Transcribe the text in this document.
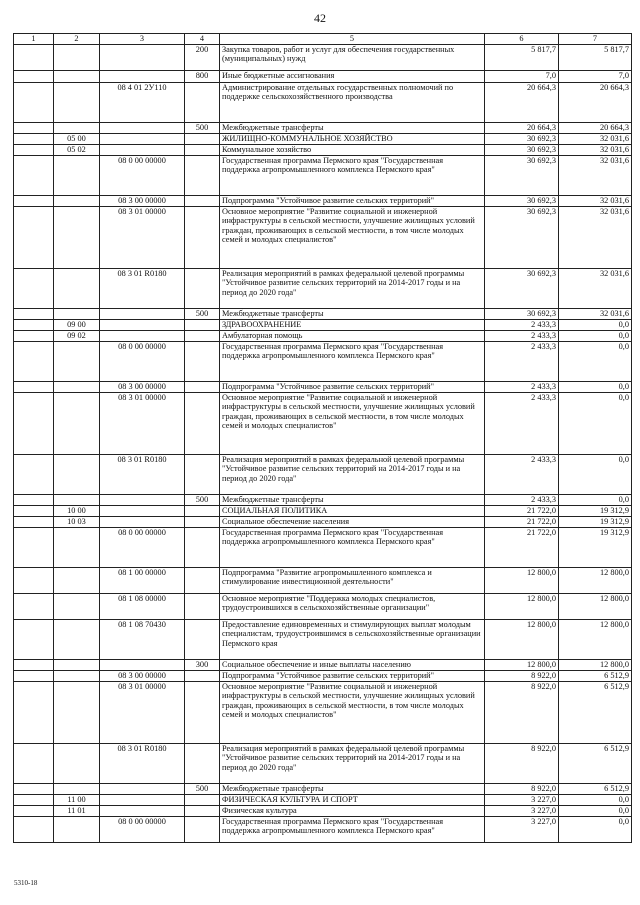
42
1	2	3	4	5	6	7
			200	Закупка товаров, работ и услуг для обеспечения государственных (муниципальных) нужд	5 817,7	5 817,7
			800	Иные бюджетные ассигнования	7,0	7,0
		08 4 01 2У110		Администрирование отдельных государственных полномочий по поддержке сельскохозяйственного производства	20 664,3	20 664,3
			500	Межбюджетные трансферты	20 664,3	20 664,3
	05 00			ЖИЛИЩНО-КОММУНАЛЬНОЕ ХОЗЯЙСТВО	30 692,3	32 031,6
	05 02			Коммунальное хозяйство	30 692,3	32 031,6
		08 0 00 00000		Государственная программа Пермского края "Государственная поддержка агропромышленного комплекса Пермского края"	30 692,3	32 031,6
		08 3 00 00000		Подпрограмма "Устойчивое развитие сельских территорий"	30 692,3	32 031,6
		08 3 01 00000		Основное мероприятие "Развитие социальной и инженерной инфраструктуры в сельской местности, улучшение жилищных условий граждан, проживающих в сельской местности, в том числе молодых семей и молодых специалистов"	30 692,3	32 031,6
		08 3 01 R0180		Реализация мероприятий в рамках федеральной целевой программы "Устойчивое развитие сельских территорий на 2014-2017 годы и на период до 2020 года"	30 692,3	32 031,6
			500	Межбюджетные трансферты	30 692,3	32 031,6
	09 00			ЗДРАВООХРАНЕНИЕ	2 433,3	0,0
	09 02			Амбулаторная помощь	2 433,3	0,0
		08 0 00 00000		Государственная программа Пермского края "Государственная поддержка агропромышленного комплекса Пермского края"	2 433,3	0,0
		08 3 00 00000		Подпрограмма "Устойчивое развитие сельских территорий"	2 433,3	0,0
		08 3 01 00000		Основное мероприятие "Развитие социальной и инженерной инфраструктуры в сельской местности, улучшение жилищных условий граждан, проживающих в сельской местности, в том числе молодых семей и молодых специалистов"	2 433,3	0,0
		08 3 01 R0180		Реализация мероприятий в рамках федеральной целевой программы "Устойчивое развитие сельских территорий на 2014-2017 годы и на период до 2020 года"	2 433,3	0,0
			500	Межбюджетные трансферты	2 433,3	0,0
	10 00			СОЦИАЛЬНАЯ ПОЛИТИКА	21 722,0	19 312,9
	10 03			Социальное обеспечение населения	21 722,0	19 312,9
		08 0 00 00000		Государственная программа Пермского края "Государственная поддержка агропромышленного комплекса Пермского края"	21 722,0	19 312,9
		08 1 00 00000		Подпрограмма "Развитие агропромышленного комплекса и стимулирование инвестиционной деятельности"	12 800,0	12 800,0
		08 1 08 00000		Основное мероприятие "Поддержка молодых специалистов, трудоустроившихся в сельскохозяйственные организации"	12 800,0	12 800,0
		08 1 08 70430		Предоставление единовременных и стимулирующих выплат молодым специалистам, трудоустроившимся в сельскохозяйственные организации Пермского края	12 800,0	12 800,0
			300	Социальное обеспечение и иные выплаты населению	12 800,0	12 800,0
		08 3 00 00000		Подпрограмма "Устойчивое развитие сельских территорий"	8 922,0	6 512,9
		08 3 01 00000		Основное мероприятие "Развитие социальной и инженерной инфраструктуры в сельской местности, улучшение жилищных условий граждан, проживающих в сельской местности, в том числе молодых семей и молодых специалистов"	8 922,0	6 512,9
		08 3 01 R0180		Реализация мероприятий в рамках федеральной целевой программы "Устойчивое развитие сельских территорий на 2014-2017 годы и на период до 2020 года"	8 922,0	6 512,9
			500	Межбюджетные трансферты	8 922,0	6 512,9
	11 00			ФИЗИЧЕСКАЯ КУЛЬТУРА И СПОРТ	3 227,0	0,0
	11 01			Физическая культура	3 227,0	0,0
		08 0 00 00000		Государственная программа Пермского края "Государственная поддержка агропромышленного комплекса Пермского края"	3 227,0	0,0
5310-18
